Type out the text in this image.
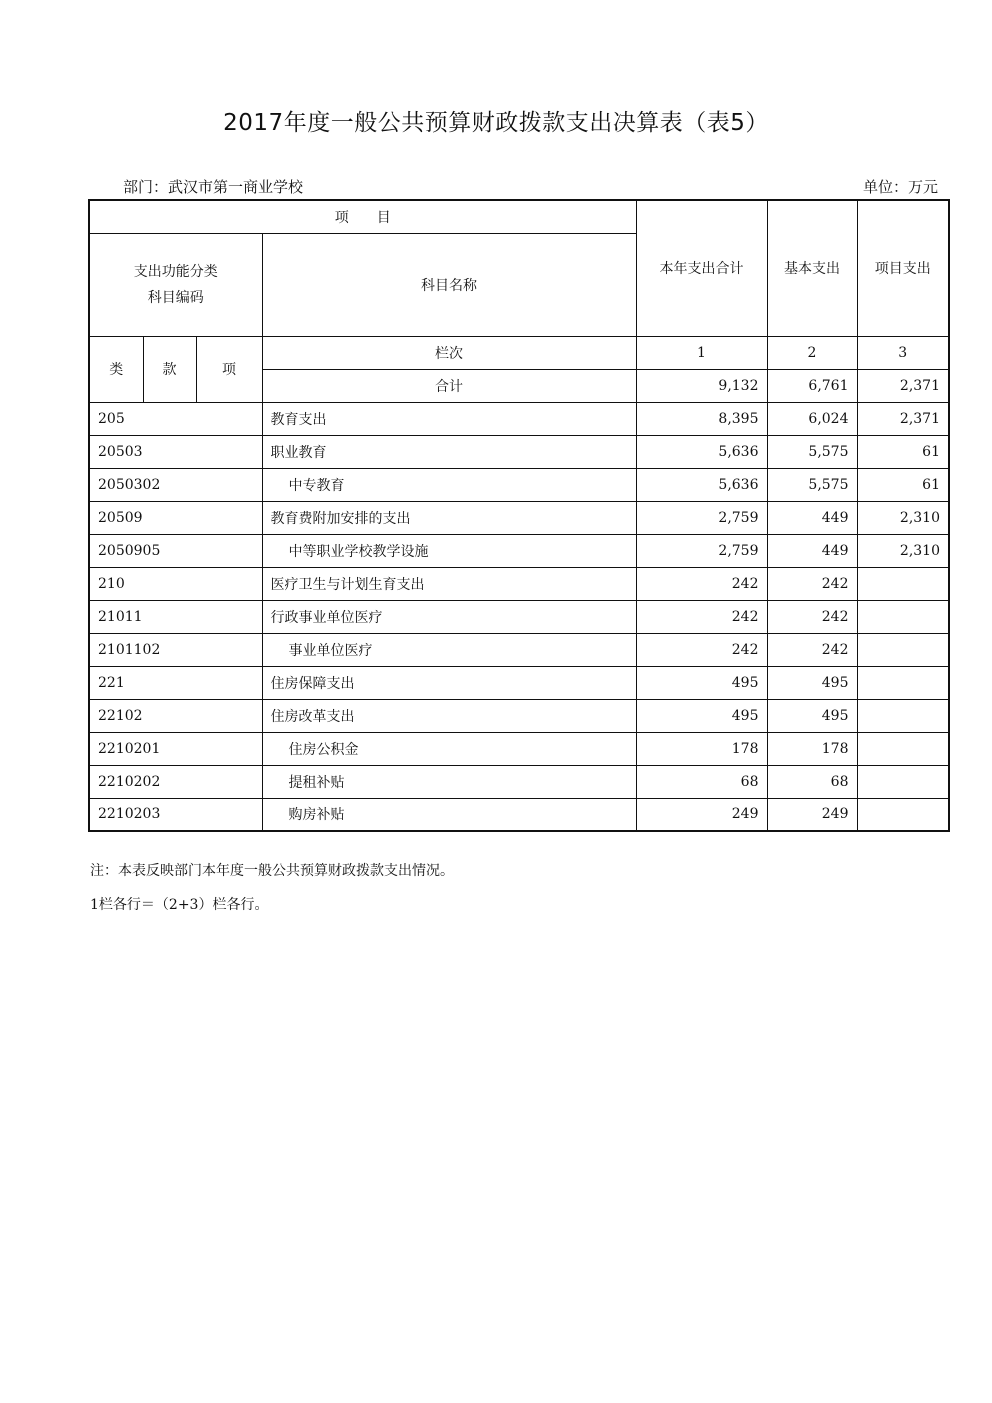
2017年度一般公共预算财政拨款支出决算表（表5）
部门：武汉市第一商业学校	单位：万元
项　　目				本年支出合计	基本支出	项目支出

支出功能分类
科目编码			科目名称			
类	款	项	栏次	1	2	3
			合计	9,132	6,761	2,371
205			教育支出	8,395	6,024	2,371
20503			职业教育	5,636	5,575	61
2050302			中专教育	5,636	5,575	61
20509			教育费附加安排的支出	2,759	449	2,310
2050905			中等职业学校教学设施	2,759	449	2,310
210			医疗卫生与计划生育支出	242	242	
21011			行政事业单位医疗	242	242	
2101102			事业单位医疗	242	242	
221			住房保障支出	495	495	
22102			住房改革支出	495	495	
2210201			住房公积金	178	178	
2210202			提租补贴	68	68	
2210203			购房补贴	249	249	
注：本表反映部门本年度一般公共预算财政拨款支出情况。
1栏各行＝（2+3）栏各行。
